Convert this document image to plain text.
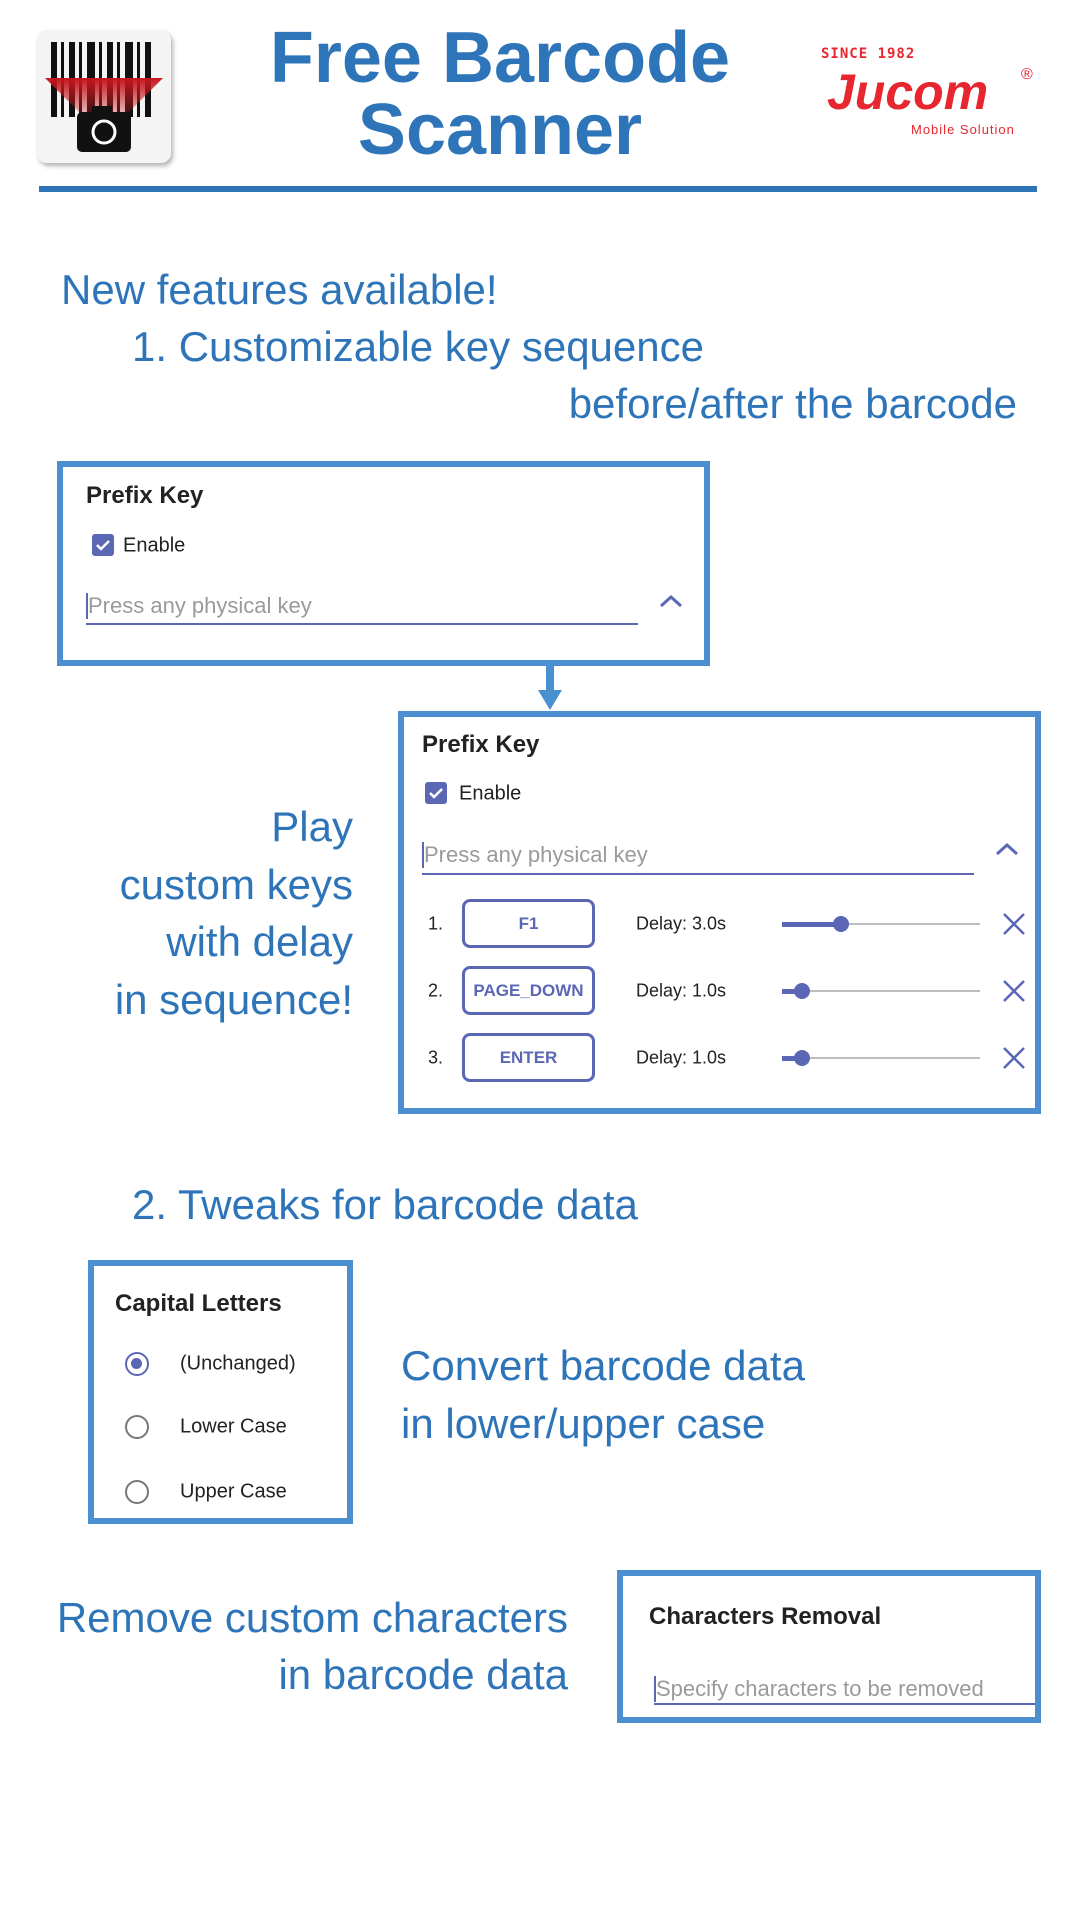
Free Barcode
Scanner
SINCE 1982
Jucom ®
Mobile Solution
New features available!
1. Customizable key sequence
before/after the barcode
Prefix Key
Enable
Press any physical key
Play
custom keys
with delay
in sequence!
Prefix Key
Enable
Press any physical key
1.	F1	Delay: 3.0s
2.	PAGE_DOWN	Delay: 1.0s
3.	ENTER	Delay: 1.0s
2. Tweaks for barcode data
Capital Letters
(Unchanged)
Lower Case
Upper Case
Convert barcode data
in lower/upper case
Remove custom characters
in barcode data
Characters Removal
Specify characters to be removed
